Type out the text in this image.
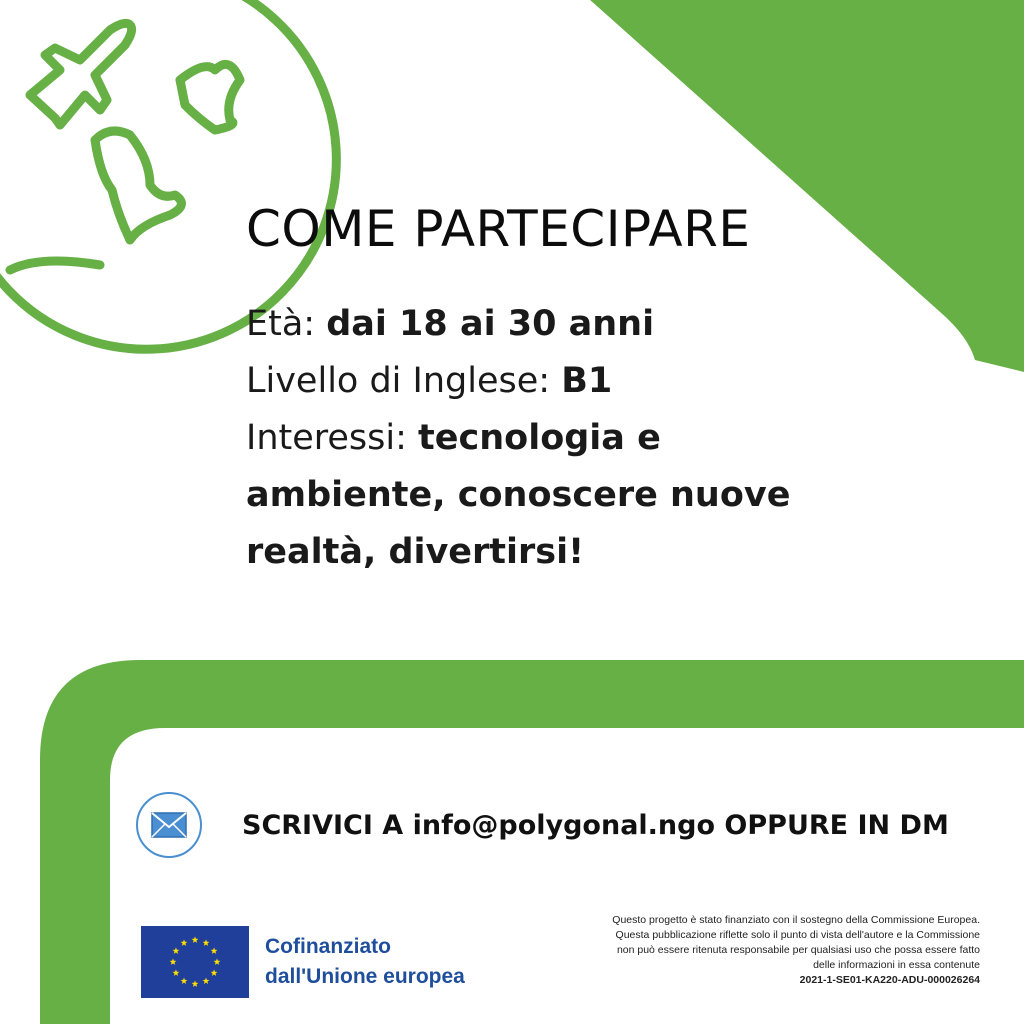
COME PARTECIPARE
Età: dai 18 ai 30 anni
Livello di Inglese: B1
Interessi: tecnologia e
ambiente, conoscere nuove
realtà, divertirsi!
SCRIVICI A info@polygonal.ngo OPPURE IN DM
Cofinanziato
dall'Unione europea
Questo progetto è stato finanziato con il sostegno della Commissione Europea.
Questa pubblicazione riflette solo il punto di vista dell'autore e la Commissione
non può essere ritenuta responsabile per qualsiasi uso che possa essere fatto
delle informazioni in essa contenute
2021-1-SE01-KA220-ADU-000026264
